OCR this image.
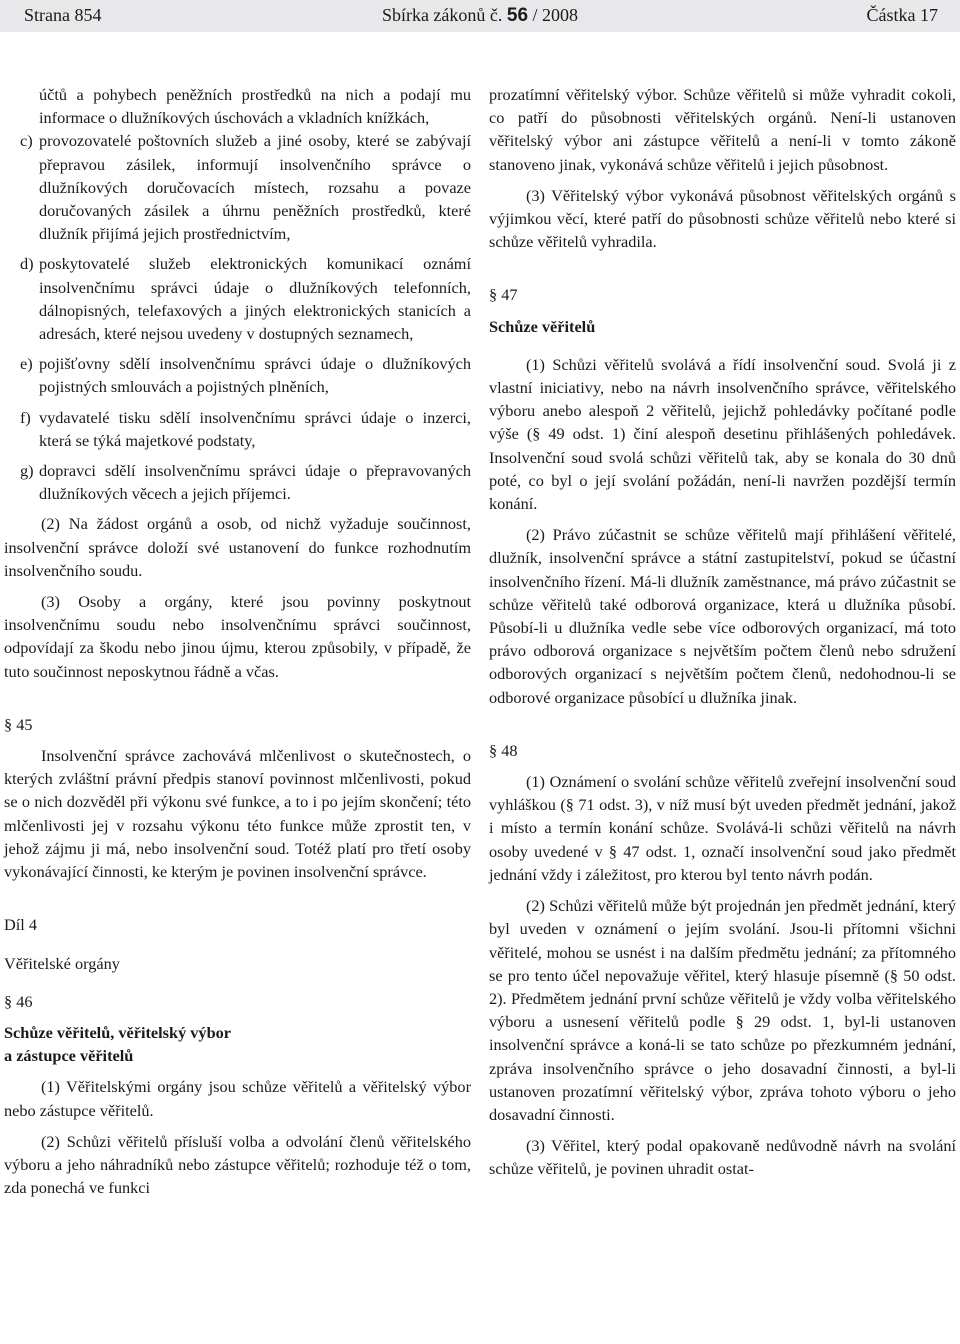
Strana 854	Sbírka zákonů č. 56 / 2008	Částka 17

účtů a pohybech peněžních prostředků na nich a podají mu informace o dlužníkových úschovách a vkladních knížkách,

c) provozovatelé poštovních služeb a jiné osoby, které se zabývají přepravou zásilek, informují insolvenčního správce o dlužníkových doručovacích místech, rozsahu a povaze doručovaných zásilek a úhrnu peněžních prostředků, které dlužník přijímá jejich prostřednictvím,
d) poskytovatelé služeb elektronických komunikací oznámí insolvenčnímu správci údaje o dlužníkových telefonních, dálnopisných, telefaxových a jiných elektronických stanicích a adresách, které nejsou uvedeny v dostupných seznamech,
e) pojišťovny sdělí insolvenčnímu správci údaje o dlužníkových pojistných smlouvách a pojistných plněních,
f) vydavatelé tisku sdělí insolvenčnímu správci údaje o inzerci, která se týká majetkové podstaty,
g) dopravci sdělí insolvenčnímu správci údaje o přepravovaných dlužníkových věcech a jejich příjemci.

(2) Na žádost orgánů a osob, od nichž vyžaduje součinnost, insolvenční správce doloží své ustanovení do funkce rozhodnutím insolvenčního soudu.

(3) Osoby a orgány, které jsou povinny poskytnout insolvenčnímu soudu nebo insolvenčnímu správci součinnost, odpovídají za škodu nebo jinou újmu, kterou způsobily, v případě, že tuto součinnost neposkytnou řádně a včas.

§ 45

Insolvenční správce zachovává mlčenlivost o skutečnostech, o kterých zvláštní právní předpis stanoví povinnost mlčenlivosti, pokud se o nich dozvěděl při výkonu své funkce, a to i po jejím skončení; této mlčenlivosti jej v rozsahu výkonu této funkce může zprostit ten, v jehož zájmu ji má, nebo insolvenční soud. Totéž platí pro třetí osoby vykonávající činnosti, ke kterým je povinen insolvenční správce.

Díl 4

Věřitelské orgány

§ 46

Schůze věřitelů, věřitelský výbor

a zástupce věřitelů

(1) Věřitelskými orgány jsou schůze věřitelů a věřitelský výbor nebo zástupce věřitelů.

(2) Schůzi věřitelů přísluší volba a odvolání členů věřitelského výboru a jeho náhradníků nebo zástupce věřitelů; rozhoduje též o tom, zda ponechá ve funkci

prozatímní věřitelský výbor. Schůze věřitelů si může vyhradit cokoli, co patří do působnosti věřitelských orgánů. Není-li ustanoven věřitelský výbor ani zástupce věřitelů a není-li v tomto zákoně stanoveno jinak, vykonává schůze věřitelů i jejich působnost.

(3) Věřitelský výbor vykonává působnost věřitelských orgánů s výjimkou věcí, které patří do působnosti schůze věřitelů nebo které si schůze věřitelů vyhradila.

§ 47

Schůze věřitelů

(1) Schůzi věřitelů svolává a řídí insolvenční soud. Svolá ji z vlastní iniciativy, nebo na návrh insolvenčního správce, věřitelského výboru anebo alespoň 2 věřitelů, jejichž pohledávky počítané podle výše (§ 49 odst. 1) činí alespoň desetinu přihlášených pohledávek. Insolvenční soud svolá schůzi věřitelů tak, aby se konala do 30 dnů poté, co byl o její svolání požádán, není-li navržen pozdější termín konání.

(2) Právo zúčastnit se schůze věřitelů mají přihlášení věřitelé, dlužník, insolvenční správce a státní zastupitelství, pokud se účastní insolvenčního řízení. Má-li dlužník zaměstnance, má právo zúčastnit se schůze věřitelů také odborová organizace, která u dlužníka působí. Působí-li u dlužníka vedle sebe více odborových organizací, má toto právo odborová organizace s největším počtem členů nebo sdružení odborových organizací s největším počtem členů, nedohodnou-li se odborové organizace působící u dlužníka jinak.

§ 48

(1) Oznámení o svolání schůze věřitelů zveřejní insolvenční soud vyhláškou (§ 71 odst. 3), v níž musí být uveden předmět jednání, jakož i místo a termín konání schůze. Svolává-li schůzi věřitelů na návrh osoby uvedené v § 47 odst. 1, označí insolvenční soud jako předmět jednání vždy i záležitost, pro kterou byl tento návrh podán.

(2) Schůzi věřitelů může být projednán jen předmět jednání, který byl uveden v oznámení o jejím svolání. Jsou-li přítomni všichni věřitelé, mohou se usnést i na dalším předmětu jednání; za přítomného se pro tento účel nepovažuje věřitel, který hlasuje písemně (§ 50 odst. 2). Předmětem jednání první schůze věřitelů je vždy volba věřitelského výboru a usnesení věřitelů podle § 29 odst. 1, byl-li ustanoven insolvenční správce a koná-li se tato schůze po přezkumném jednání, zpráva insolvenčního správce o jeho dosavadní činnosti, a byl-li ustanoven prozatímní věřitelský výbor, zpráva tohoto výboru o jeho dosavadní činnosti.

(3) Věřitel, který podal opakovaně nedůvodně návrh na svolání schůze věřitelů, je povinen uhradit ostat-
